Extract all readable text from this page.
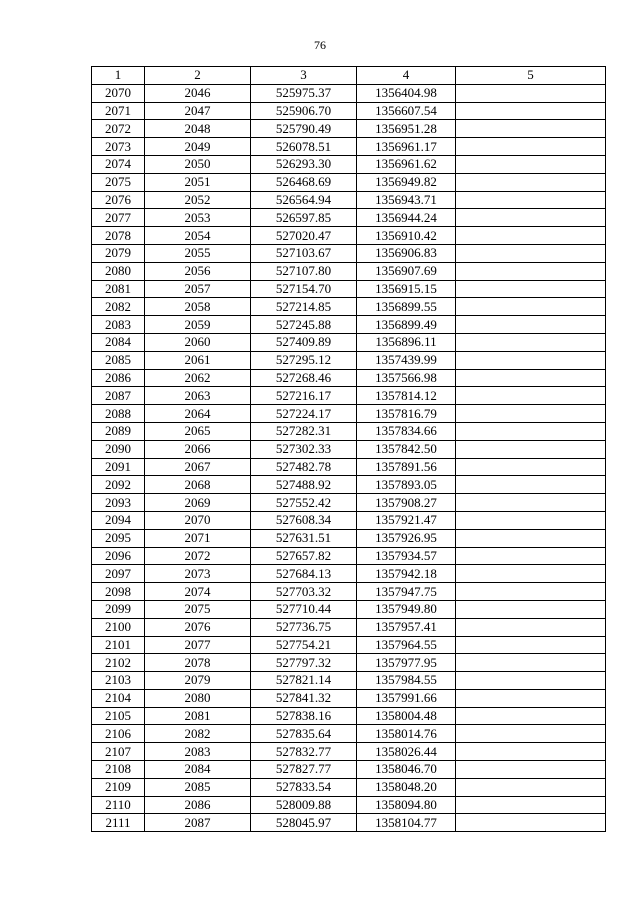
76
1	2	3	4	5
2070	2046	525975.37	1356404.98	
2071	2047	525906.70	1356607.54	
2072	2048	525790.49	1356951.28	
2073	2049	526078.51	1356961.17	
2074	2050	526293.30	1356961.62	
2075	2051	526468.69	1356949.82	
2076	2052	526564.94	1356943.71	
2077	2053	526597.85	1356944.24	
2078	2054	527020.47	1356910.42	
2079	2055	527103.67	1356906.83	
2080	2056	527107.80	1356907.69	
2081	2057	527154.70	1356915.15	
2082	2058	527214.85	1356899.55	
2083	2059	527245.88	1356899.49	
2084	2060	527409.89	1356896.11	
2085	2061	527295.12	1357439.99	
2086	2062	527268.46	1357566.98	
2087	2063	527216.17	1357814.12	
2088	2064	527224.17	1357816.79	
2089	2065	527282.31	1357834.66	
2090	2066	527302.33	1357842.50	
2091	2067	527482.78	1357891.56	
2092	2068	527488.92	1357893.05	
2093	2069	527552.42	1357908.27	
2094	2070	527608.34	1357921.47	
2095	2071	527631.51	1357926.95	
2096	2072	527657.82	1357934.57	
2097	2073	527684.13	1357942.18	
2098	2074	527703.32	1357947.75	
2099	2075	527710.44	1357949.80	
2100	2076	527736.75	1357957.41	
2101	2077	527754.21	1357964.55	
2102	2078	527797.32	1357977.95	
2103	2079	527821.14	1357984.55	
2104	2080	527841.32	1357991.66	
2105	2081	527838.16	1358004.48	
2106	2082	527835.64	1358014.76	
2107	2083	527832.77	1358026.44	
2108	2084	527827.77	1358046.70	
2109	2085	527833.54	1358048.20	
2110	2086	528009.88	1358094.80	
2111	2087	528045.97	1358104.77	
